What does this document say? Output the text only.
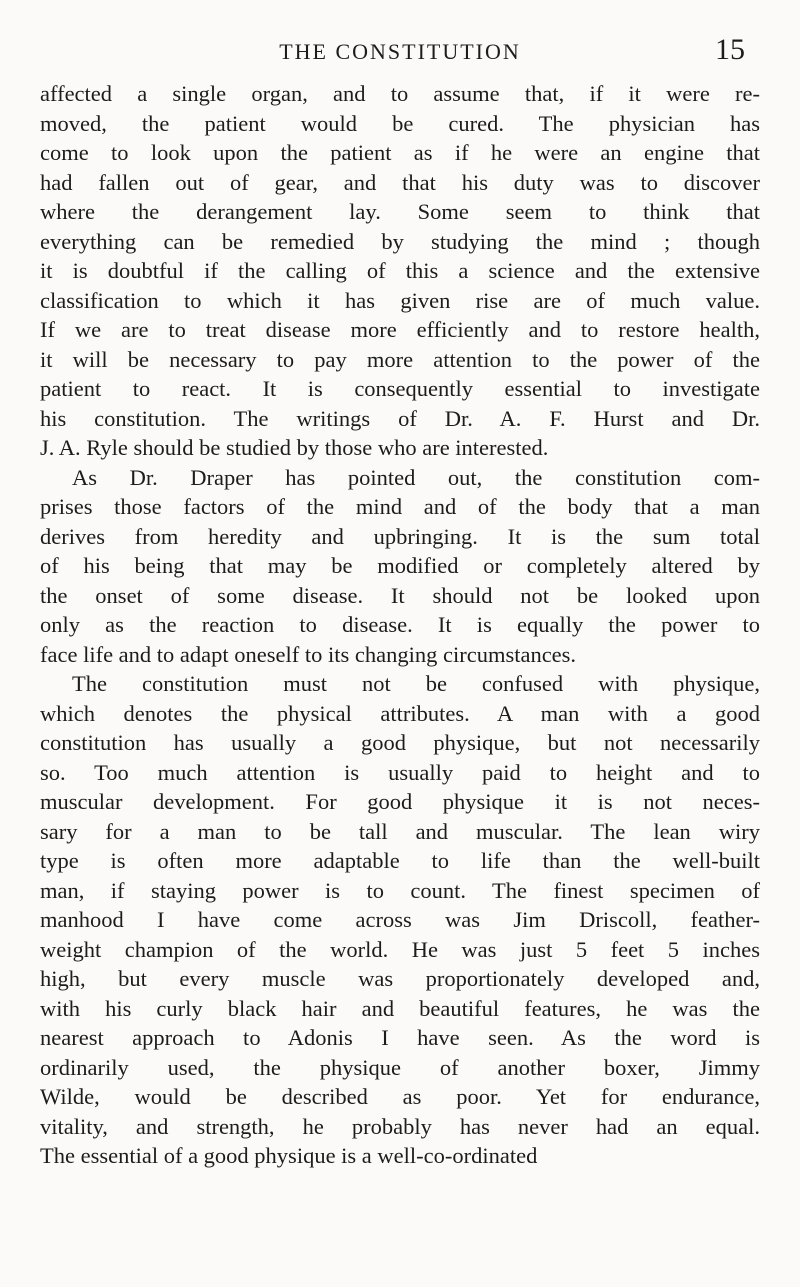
THE CONSTITUTION	15
affected a single organ, and to assume that, if it were re-
moved, the patient would be cured. The physician has
come to look upon the patient as if he were an engine that
had fallen out of gear, and that his duty was to discover
where the derangement lay. Some seem to think that
everything can be remedied by studying the mind ; though
it is doubtful if the calling of this a science and the extensive
classification to which it has given rise are of much value.
If we are to treat disease more efficiently and to restore health,
it will be necessary to pay more attention to the power of the
patient to react. It is consequently essential to investigate
his constitution. The writings of Dr. A. F. Hurst and Dr.
J. A. Ryle should be studied by those who are interested.
As Dr. Draper has pointed out, the constitution com-
prises those factors of the mind and of the body that a man
derives from heredity and upbringing. It is the sum total
of his being that may be modified or completely altered by
the onset of some disease. It should not be looked upon
only as the reaction to disease. It is equally the power to
face life and to adapt oneself to its changing circumstances.
The constitution must not be confused with physique,
which denotes the physical attributes. A man with a good
constitution has usually a good physique, but not necessarily
so. Too much attention is usually paid to height and to
muscular development. For good physique it is not neces-
sary for a man to be tall and muscular. The lean wiry
type is often more adaptable to life than the well-built
man, if staying power is to count. The finest specimen of
manhood I have come across was Jim Driscoll, feather-
weight champion of the world. He was just 5 feet 5 inches
high, but every muscle was proportionately developed and,
with his curly black hair and beautiful features, he was the
nearest approach to Adonis I have seen. As the word is
ordinarily used, the physique of another boxer, Jimmy
Wilde, would be described as poor. Yet for endurance,
vitality, and strength, he probably has never had an equal.
The essential of a good physique is a well-co-ordinated
